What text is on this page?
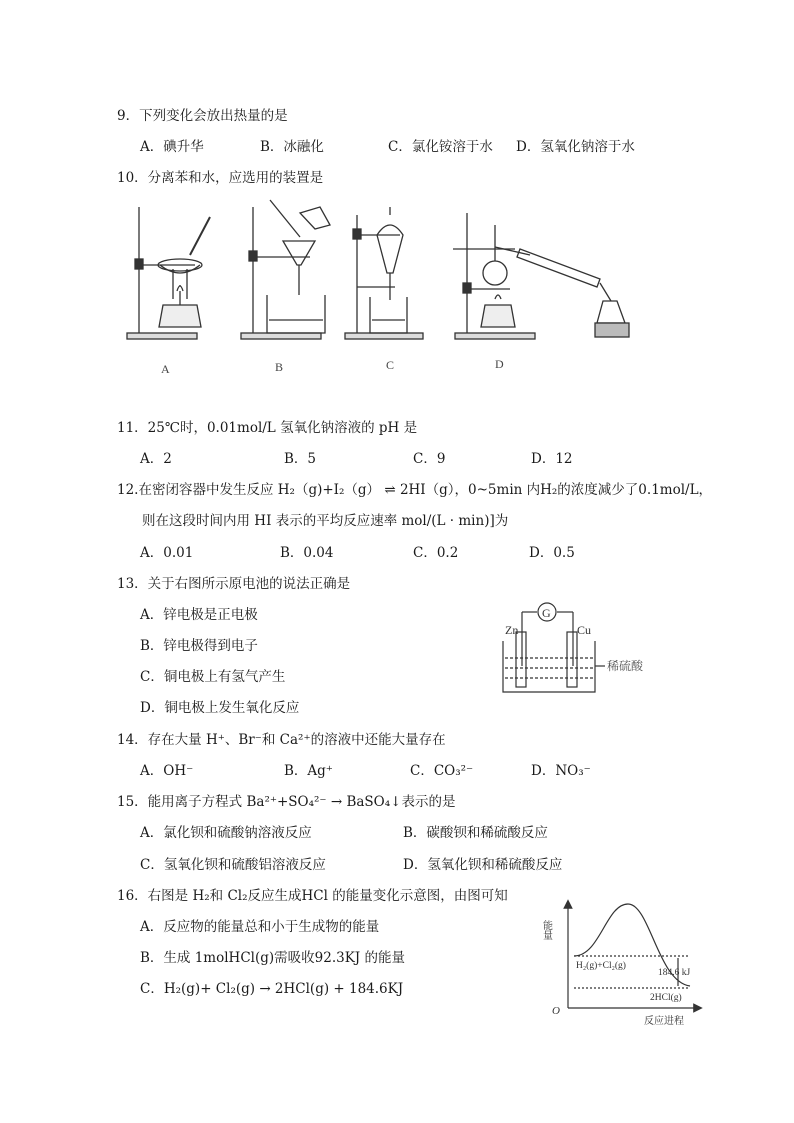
9．下列变化会放出热量的是
A．碘升华	B．冰融化	C．氯化铵溶于水 D．氢氧化钠溶于水
10．分离苯和水，应选用的装置是
A	B	C	D
11．25℃时，0.01mol/L 氢氧化钠溶液的 pH 是
A．2	B．5	C．9	D．12
12.在密闭容器中发生反应 H₂（g)+I₂（g） ⇌ 2HI（g），0~5min 内H₂的浓度减少了0.1mol/L，
则在这段时间内用 HI 表示的平均反应速率 mol/(L · min)]为
A．0.01	B．0.04	C．0.2	D．0.5
13．关于右图所示原电池的说法正确是
A．锌电极是正电极
B．锌电极得到电子
C．铜电极上有氢气产生
D．铜电极上发生氧化反应
G
Zn	Cu
稀硫酸
14．存在大量 H⁺、Br⁻和 Ca²⁺的溶液中还能大量存在
A．OH⁻	B．Ag⁺	C．CO₃²⁻	D．NO₃⁻
15．能用离子方程式 Ba²⁺+SO₄²⁻ → BaSO₄↓表示的是
A．氯化钡和硫酸钠溶液反应	B．碳酸钡和稀硫酸反应
C．氢氧化钡和硫酸铝溶液反应	D．氢氧化钡和稀硫酸反应
16．右图是 H₂和 Cl₂反应生成HCl 的能量变化示意图，由图可知
A．反应物的能量总和小于生成物的能量
B．生成 1molHCl(g)需吸收92.3KJ 的能量
C．H₂(g)+ Cl₂(g) → 2HCl(g) + 184.6KJ
能量
O
反应进程
H₂(g)+Cl₂(g)
2HCl(g)
184.6 kJ
